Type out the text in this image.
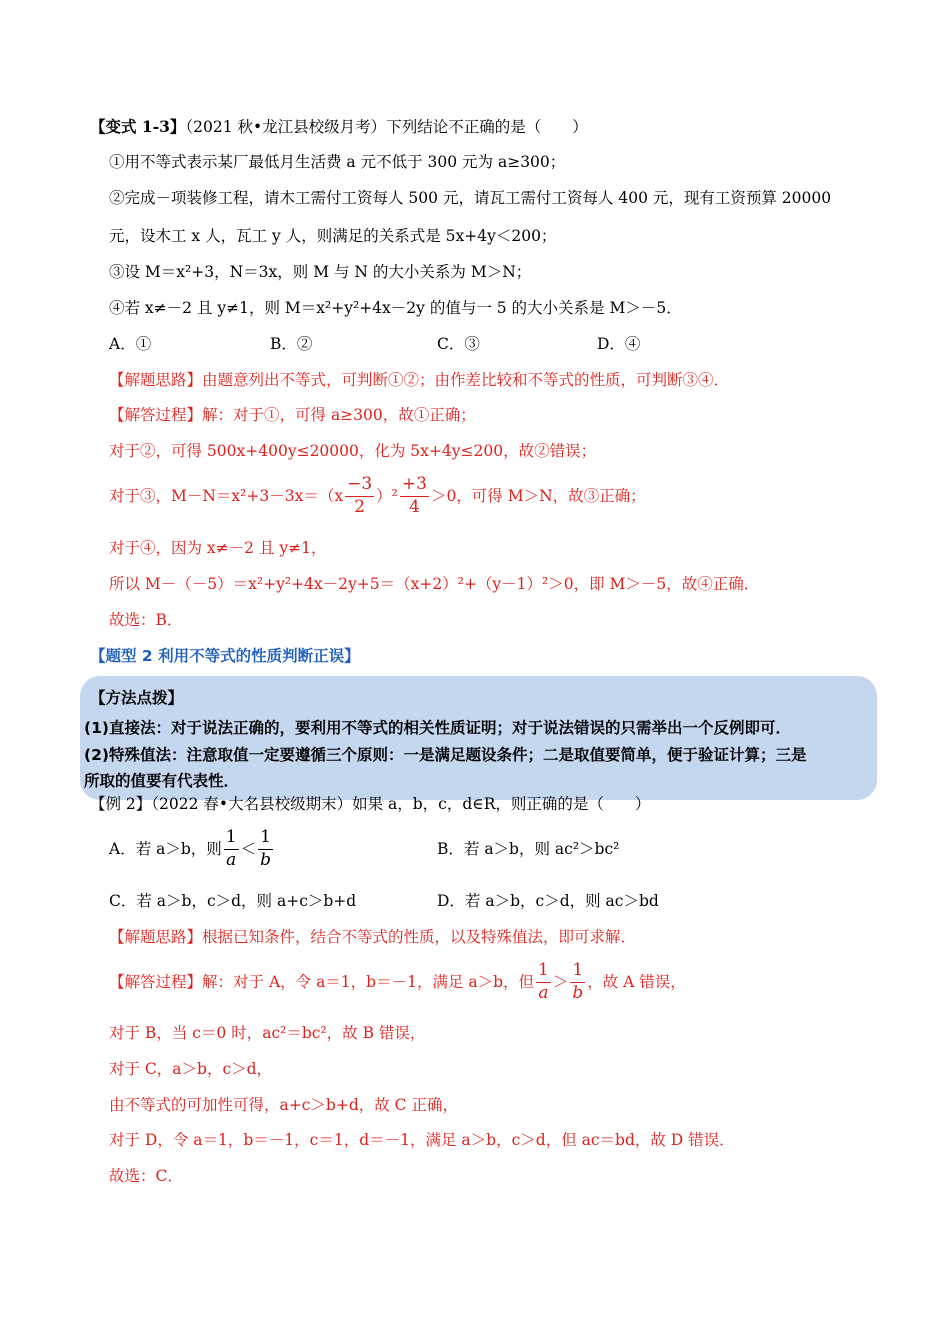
【变式 1-3】（2021 秋•龙江县校级月考）下列结论不正确的是（　　）
①用不等式表示某厂最低月生活费 a 元不低于 300 元为 a≥300；
②完成－项装修工程，请木工需付工资每人 500 元，请瓦工需付工资每人 400 元，现有工资预算 20000
元，设木工 x 人，瓦工 y 人，则满足的关系式是 5x+4y＜200；
③设 M＝x²+3，N＝3x，则 M 与 N 的大小关系为 M＞N；
④若 x≠－2 且 y≠1，则 M＝x²+y²+4x－2y 的值与一 5 的大小关系是 M＞－5．
A．①	B．②	C．③	D．④
【解题思路】由题意列出不等式，可判断①②；由作差比较和不等式的性质，可判断③④．
【解答过程】解：对于①，可得 a≥300，故①正确；
对于②，可得 500x+400y≤20000，化为 5x+4y≤200，故②错误；
对于③，$M-N=x^2+3-3x=(x \frac{-3}{2} )^2 \frac{+3}{4} >0$，可得 M＞N，故③正确；
对于④，因为 x≠－2 且 y≠1，
所以 M－（－5）＝x²+y²+4x－2y+5＝（x+2）²+（y－1）²＞0，即 M＞－5，故④正确．
故选：B．
【题型 2 利用不等式的性质判断正误】
【方法点拨】
(1)直接法：对于说法正确的，要利用不等式的相关性质证明；对于说法错误的只需举出一个反例即可．
(2)特殊值法：注意取值一定要遵循三个原则：一是满足题设条件；二是取值要简单，便于验证计算；三是
所取的值要有代表性．
【例 2】（2022 春•大名县校级期末）如果 a，b，c，d∈R，则正确的是（　　）
A．若 a＞b，则 $\frac{1}{a} < \frac{1}{b}$	B．若 a＞b，则 ac²＞bc²
C．若 a＞b，c＞d，则 a+c＞b+d	D．若 a＞b，c＞d，则 ac＞bd
【解题思路】根据已知条件，结合不等式的性质，以及特殊值法，即可求解．
【解答过程】 解：对于 A，令 a＝1，b＝－1，满足 a＞b，但 $\frac{1}{a} > \frac{1}{b}$ ，故 A 错误，
对于 B，当 c＝0 时，ac²＝bc²，故 B 错误，
对于 C，a＞b，c＞d，
由不等式的可加性可得，a+c＞b+d，故 C 正确，
对于 D，令 a＝1，b＝－1，c＝1，d＝－1，满足 a＞b，c＞d，但 ac＝bd，故 D 错误．
故选：C．
